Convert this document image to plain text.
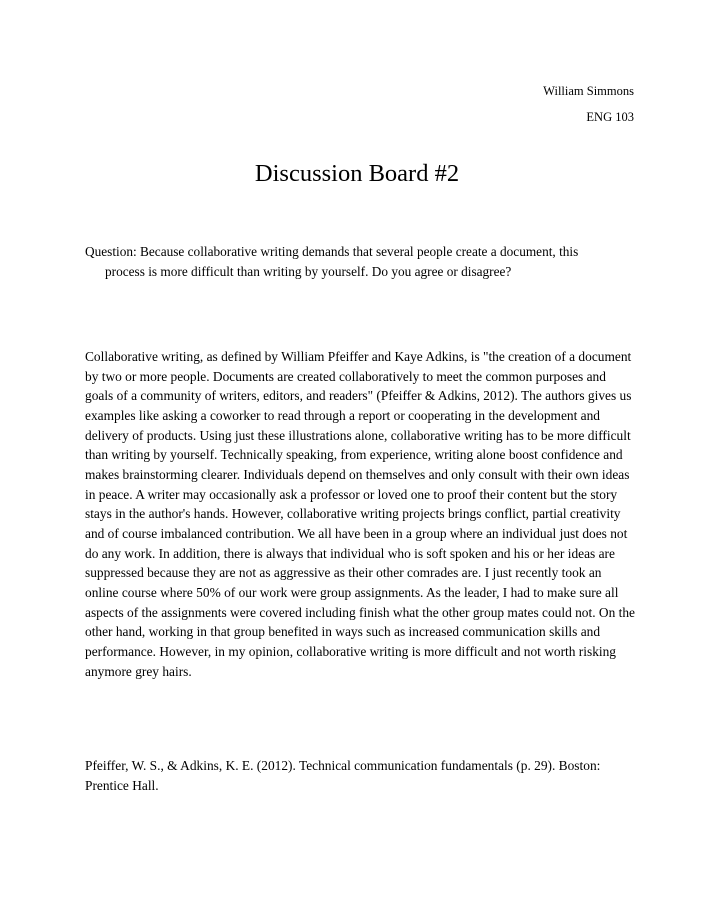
William Simmons
ENG 103
Discussion Board #2

Question: Because collaborative writing demands that several people create a document, this
process is more difficult than writing by yourself. Do you agree or disagree?

Collaborative writing, as defined by William Pfeiffer and Kaye Adkins, is "the creation of a document by two or more people. Documents are created collaboratively to meet the common purposes and goals of a community of writers, editors, and readers" (Pfeiffer & Adkins, 2012). The authors gives us examples like asking a coworker to read through a report or cooperating in the development and delivery of products. Using just these illustrations alone, collaborative writing has to be more difficult than writing by yourself. Technically speaking, from experience, writing alone boost confidence and makes brainstorming clearer. Individuals depend on themselves and only consult with their own ideas in peace. A writer may occasionally ask a professor or loved one to proof their content but the story stays in the author's hands. However, collaborative writing projects brings conflict, partial creativity and of course imbalanced contribution. We all have been in a group where an individual just does not do any work. In addition, there is always that individual who is soft spoken and his or her ideas are suppressed because they are not as aggressive as their other comrades are. I just recently took an online course where 50% of our work were group assignments. As the leader, I had to make sure all aspects of the assignments were covered including finish what the other group mates could not. On the other hand, working in that group benefited in ways such as increased communication skills and performance. However, in my opinion, collaborative writing is more difficult and not worth risking anymore grey hairs.

Pfeiffer, W. S., & Adkins, K. E. (2012). Technical communication fundamentals (p. 29). Boston: Prentice Hall.
